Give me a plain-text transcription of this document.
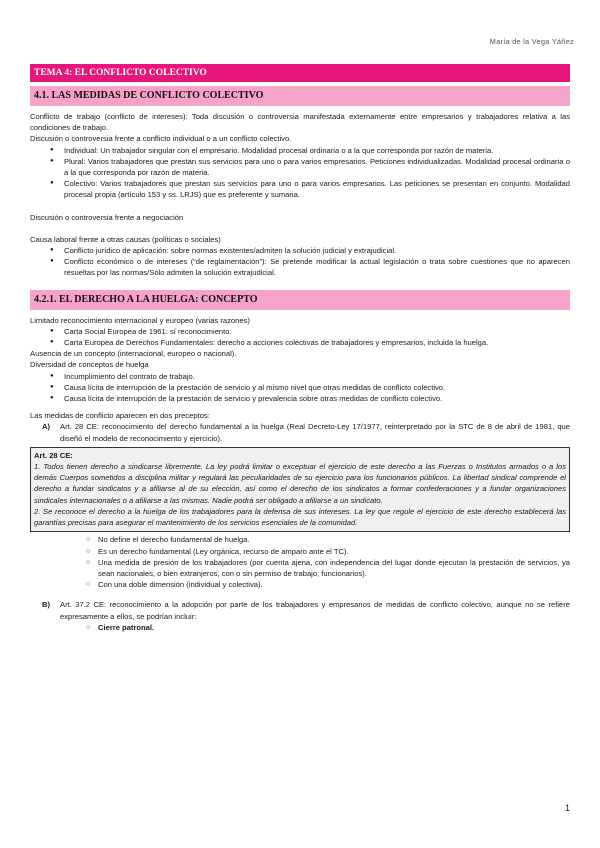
María de la Vega Yáñez
TEMA 4: EL CONFLICTO COLECTIVO
4.1. LAS MEDIDAS DE CONFLICTO COLECTIVO

Conflicto de trabajo (conflicto de intereses): Toda discusión o controversia manifestada externamente entre empresarios y trabajadores relativa a las condiciones de trabajo.

Discusión o controversia frente a conflicto individual o a un conflicto colectivo.

● Individual: Un trabajador singular con el empresario. Modalidad procesal ordinaria o a la que corresponda por razón de materia.
● Plural: Varios trabajadores que prestan sus servicios para uno o para varios empresarios. Peticiones individualizadas. Modalidad procesal ordinaria o a la que corresponda por razón de materia.
● Colectivo: Varios trabajadores que prestan sus servicios para uno o para varios empresarios. Las peticiones se presentan en conjunto. Modalidad procesal propia (artículo 153 y ss. LRJS) que es preferente y sumaria.

Discusión o controversia frente a negociación

Causa laboral frente a otras causas (políticas o sociales)

● Conflicto jurídico de aplicación: sobre normas existentes/admiten la solución judicial y extrajudicial.
● Conflicto económico o de intereses (“de reglamentación”): Se pretende modificar la actual legislación o trata sobre cuestiones que no aparecen resueltas por las normas/Sólo admiten la solución extrajudicial.
4.2.1. EL DERECHO A LA HUELGA: CONCEPTO

Limitado reconocimiento internacional y europeo (varias razones)

● Carta Social Europea de 1961: sí reconocimiento.
● Carta Europea de Derechos Fundamentales: derecho a acciones colectivas de trabajadores y empresarios, incluida la huelga.

Ausencia de un concepto (internacional, europeo o nacional).

Diversidad de conceptos de huelga

● Incumplimiento del contrato de trabajo.
● Causa lícita de interrupción de la prestación de servicio y al mismo nivel que otras medidas de conflicto colectivo.
● Causa lícita de interrupción de la prestación de servicio y prevalencia sobre otras medidas de conflicto colectivo.

Las medidas de conflicto aparecen en dos preceptos:

A) Art. 28 CE: reconocimiento del derecho fundamental a la huelga (Real Decreto-Ley 17/1977, reinterpretado por la STC de 8 de abril de 1981, que diseñó el modelo de reconocimiento y ejercicio).

Art. 28 CE:

1. Todos tienen derecho a sindicarse libremente. La ley podrá limitar o exceptuar el ejercicio de este derecho a las Fuerzas o Institutos armados o a los demás Cuerpos sometidos a disciplina militar y regulará las peculiaridades de su ejercicio para los funcionarios públicos. La libertad sindical comprende el derecho a fundar sindicatos y a afiliarse al de su elección, así como el derecho de los sindicatos a formar confederaciones y a fundar organizaciones sindicales internacionales o a afiliarse a las mismas. Nadie podrá ser obligado a afiliarse a un sindicato.

2. Se reconoce el derecho a la huelga de los trabajadores para la defensa de sus intereses. La ley que regule el ejercicio de este derecho establecerá las garantías precisas para asegurar el mantenimiento de los servicios esenciales de la comunidad.

○ No define el derecho fundamental de huelga.
○ Es un derecho fundamental (Ley orgánica, recurso de amparo ante el TC).
○ Una medida de presión de los trabajadores (por cuenta ajena, con independencia del lugar donde ejecutan la prestación de servicios, ya sean nacionales, o bien extranjeros, con o sin permiso de trabajo; funcionarios).
○ Con una doble dimensión (individual y colectiva).
B) Art. 37.2 CE: reconocimiento a la adopción por parte de los trabajadores y empresarios de medidas de conflicto colectivo, aunque no se refiere expresamente a ellos, se podrían incluir:
○ Cierre patronal.
1
